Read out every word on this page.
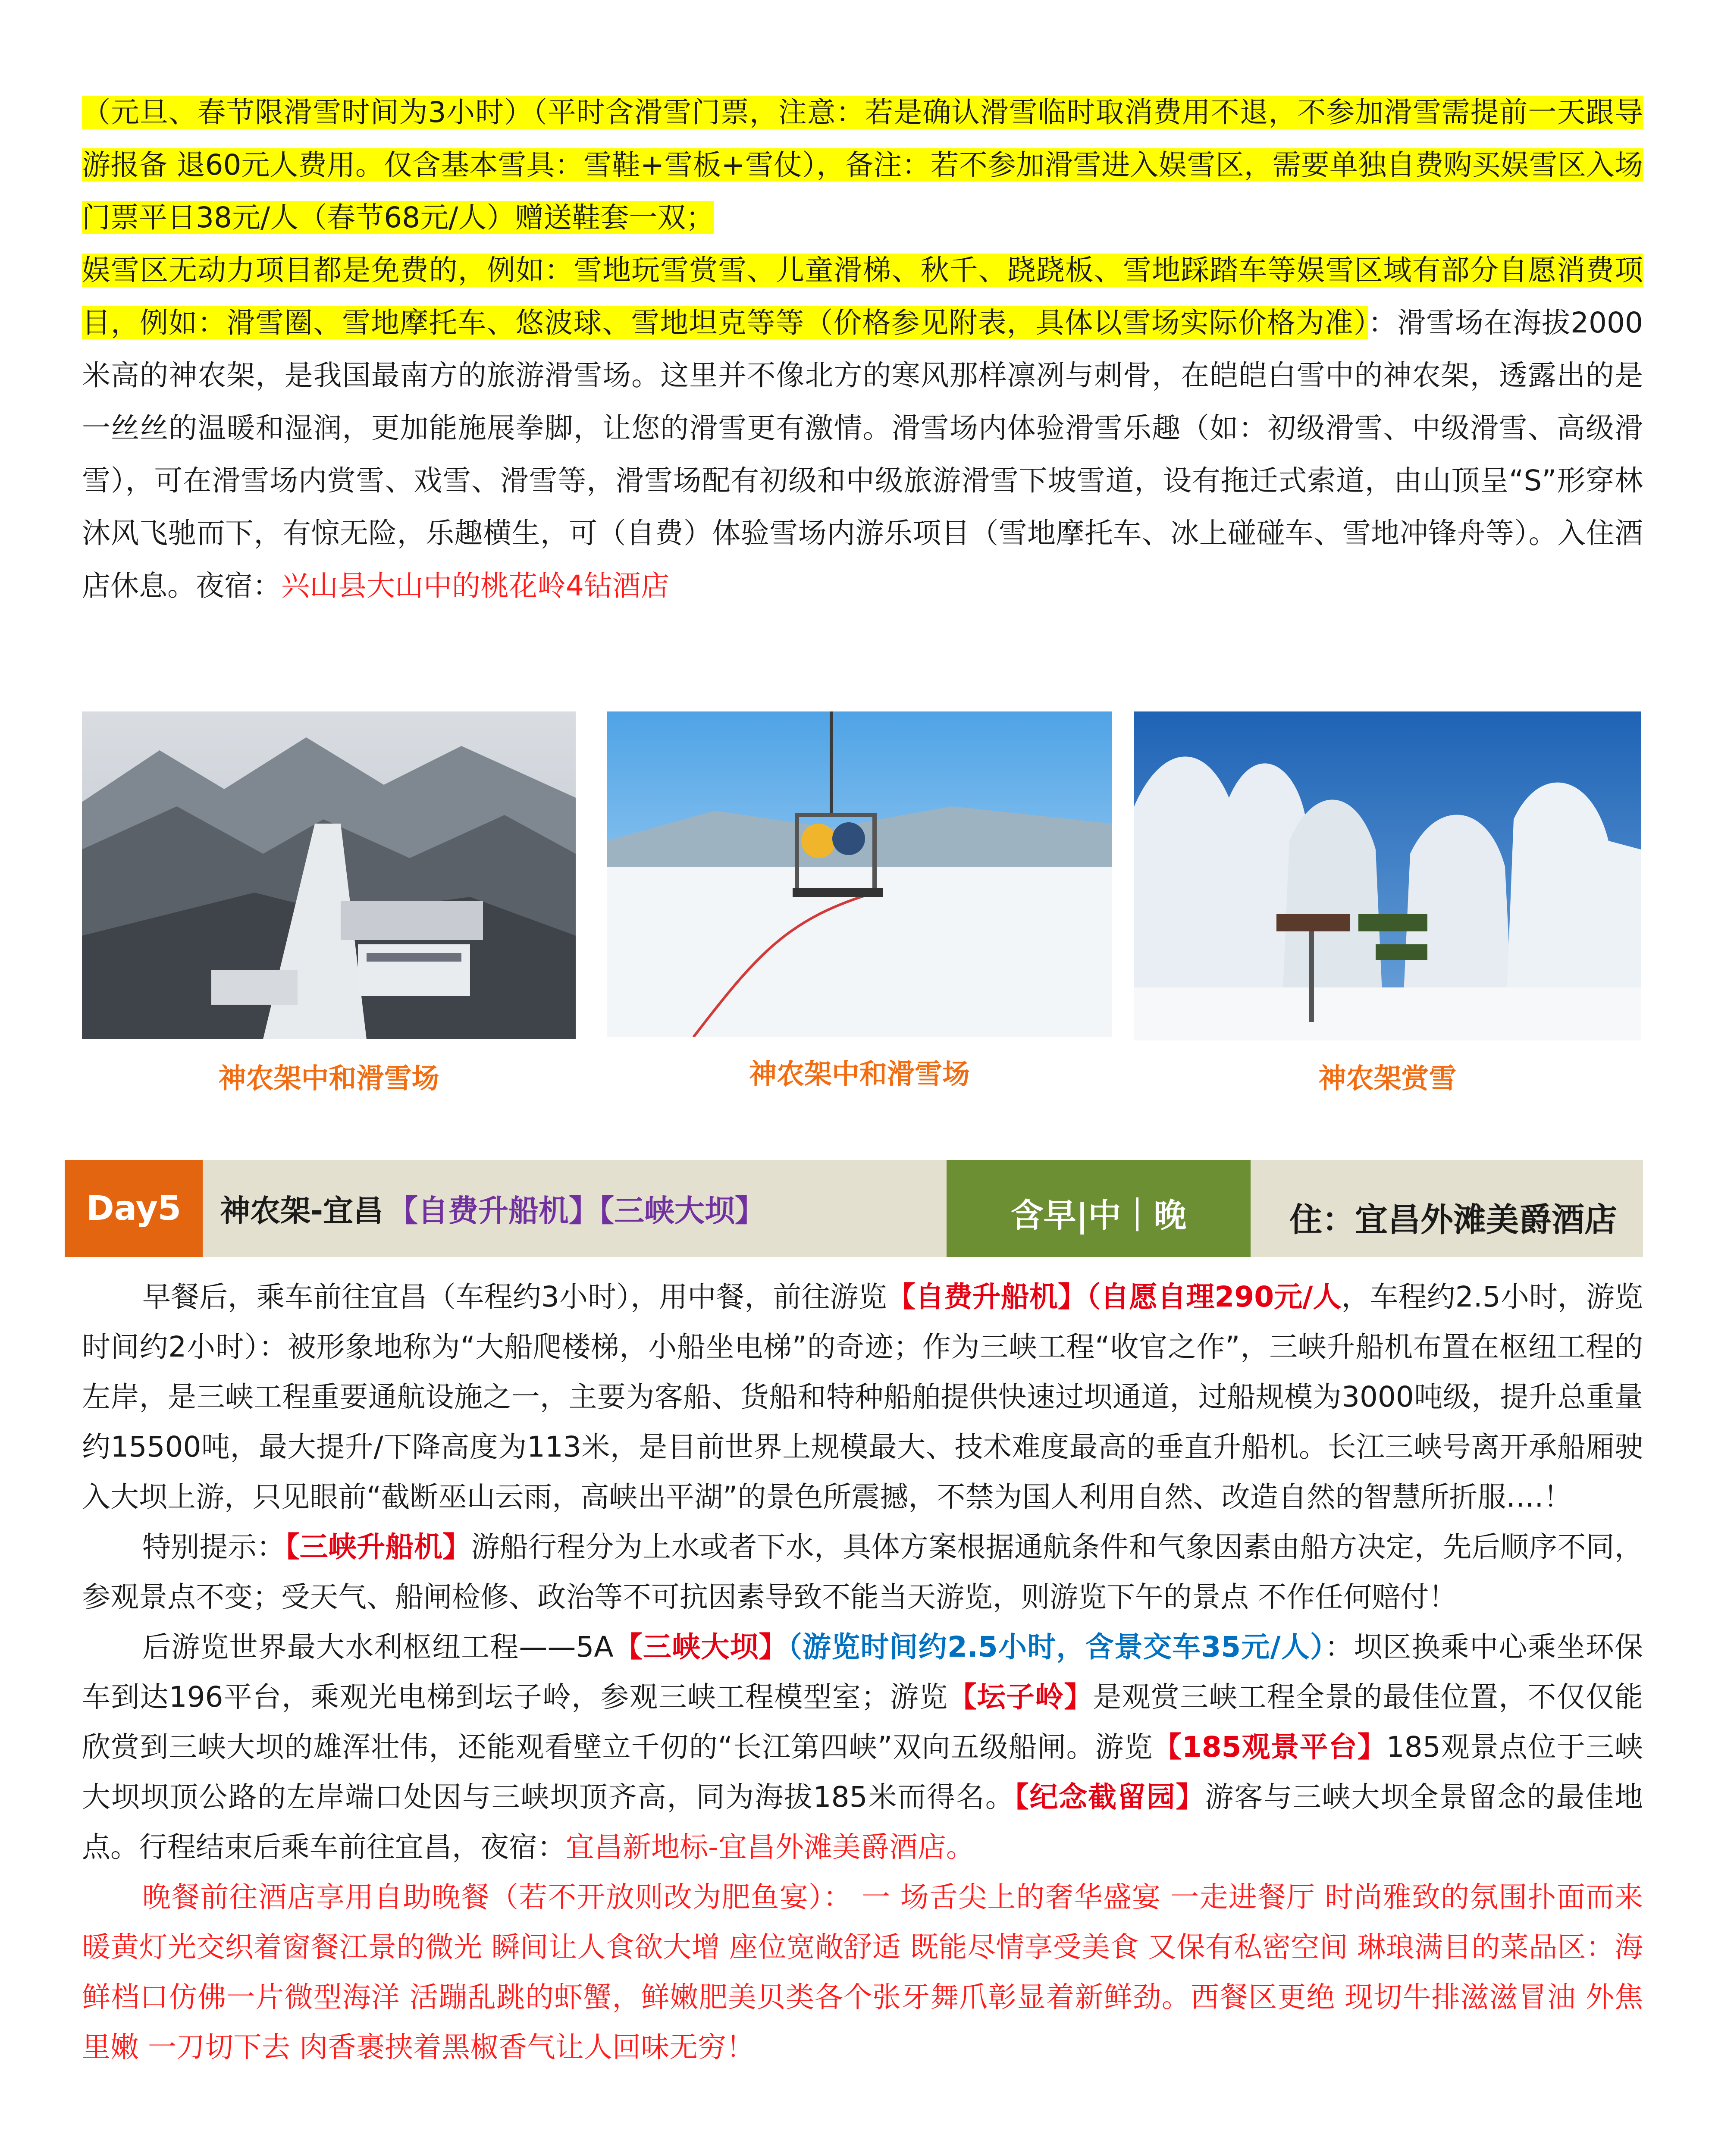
（元旦、春节限滑雪时间为3小时）（平时含滑雪门票，注意：若是确认滑雪临时取消费用不退，不参加滑雪需提前一天跟导游报备 退60元人费用。仅含基本雪具：雪鞋+雪板+雪仗），备注：若不参加滑雪进入娱雪区，需要单独自费购买娱雪区入场门票平日38元/人（春节68元/人）赠送鞋套一双；

娱雪区无动力项目都是免费的，例如：雪地玩雪赏雪、儿童滑梯、秋千、跷跷板、雪地踩踏车等娱雪区域有部分自愿消费项目，例如：滑雪圈、雪地摩托车、悠波球、雪地坦克等等（价格参见附表，具体以雪场实际价格为准）：滑雪场在海拔2000米高的神农架，是我国最南方的旅游滑雪场。这里并不像北方的寒风那样凛冽与刺骨，在皑皑白雪中的神农架，透露出的是一丝丝的温暖和湿润，更加能施展拳脚，让您的滑雪更有激情。滑雪场内体验滑雪乐趣（如：初级滑雪、中级滑雪、高级滑雪），可在滑雪场内赏雪、戏雪、滑雪等，滑雪场配有初级和中级旅游滑雪下坡雪道，设有拖迁式索道，由山顶呈“S”形穿林沐风飞驰而下，有惊无险，乐趣横生，可（自费）体验雪场内游乐项目（雪地摩托车、冰上碰碰车、雪地冲锋舟等）。入住酒店休息。夜宿：兴山县大山中的桃花岭4钻酒店

神农架中和滑雪场	神农架中和滑雪场	神农架赏雪
Day5	神农架-宜昌 【自费升船机】【三峡大坝】	含早|中｜晚	住：宜昌外滩美爵酒店

早餐后，乘车前往宜昌（车程约3小时），用中餐，前往游览【自费升船机】（自愿自理290元/人，车程约2.5小时，游览时间约2小时）：被形象地称为“大船爬楼梯，小船坐电梯”的奇迹；作为三峡工程“收官之作”，三峡升船机布置在枢纽工程的左岸，是三峡工程重要通航设施之一，主要为客船、货船和特种船舶提供快速过坝通道，过船规模为3000吨级，提升总重量约15500吨，最大提升/下降高度为113米，是目前世界上规模最大、技术难度最高的垂直升船机。长江三峡号离开承船厢驶入大坝上游，只见眼前“截断巫山云雨，高峡出平湖”的景色所震撼，不禁为国人利用自然、改造自然的智慧所折服….！

特别提示：【三峡升船机】游船行程分为上水或者下水，具体方案根据通航条件和气象因素由船方决定，先后顺序不同，参观景点不变；受天气、船闸检修、政治等不可抗因素导致不能当天游览，则游览下午的景点 不作任何赔付！

后游览世界最大水利枢纽工程——5A【三峡大坝】（游览时间约2.5小时，含景交车35元/人）：坝区换乘中心乘坐环保车到达196平台，乘观光电梯到坛子岭，参观三峡工程模型室；游览【坛子岭】是观赏三峡工程全景的最佳位置，不仅仅能欣赏到三峡大坝的雄浑壮伟，还能观看壁立千仞的“长江第四峡”双向五级船闸。游览【185观景平台】185观景点位于三峡大坝坝顶公路的左岸端口处因与三峡坝顶齐高，同为海拔185米而得名。【纪念截留园】游客与三峡大坝全景留念的最佳地点。行程结束后乘车前往宜昌，夜宿：宜昌新地标-宜昌外滩美爵酒店。

晚餐前往酒店享用自助晚餐（若不开放则改为肥鱼宴）： 一 场舌尖上的奢华盛宴 一走进餐厅 时尚雅致的氛围扑面而来 暖黄灯光交织着窗餐江景的微光 瞬间让人食欲大增 座位宽敞舒适 既能尽情享受美食 又保有私密空间 琳琅满目的菜品区：海鲜档口仿佛一片微型海洋 活蹦乱跳的虾蟹，鲜嫩肥美贝类各个张牙舞爪彰显着新鲜劲。西餐区更绝 现切牛排滋滋冒油 外焦里嫩 一刀切下去 肉香裹挟着黑椒香气让人回味无穷！
